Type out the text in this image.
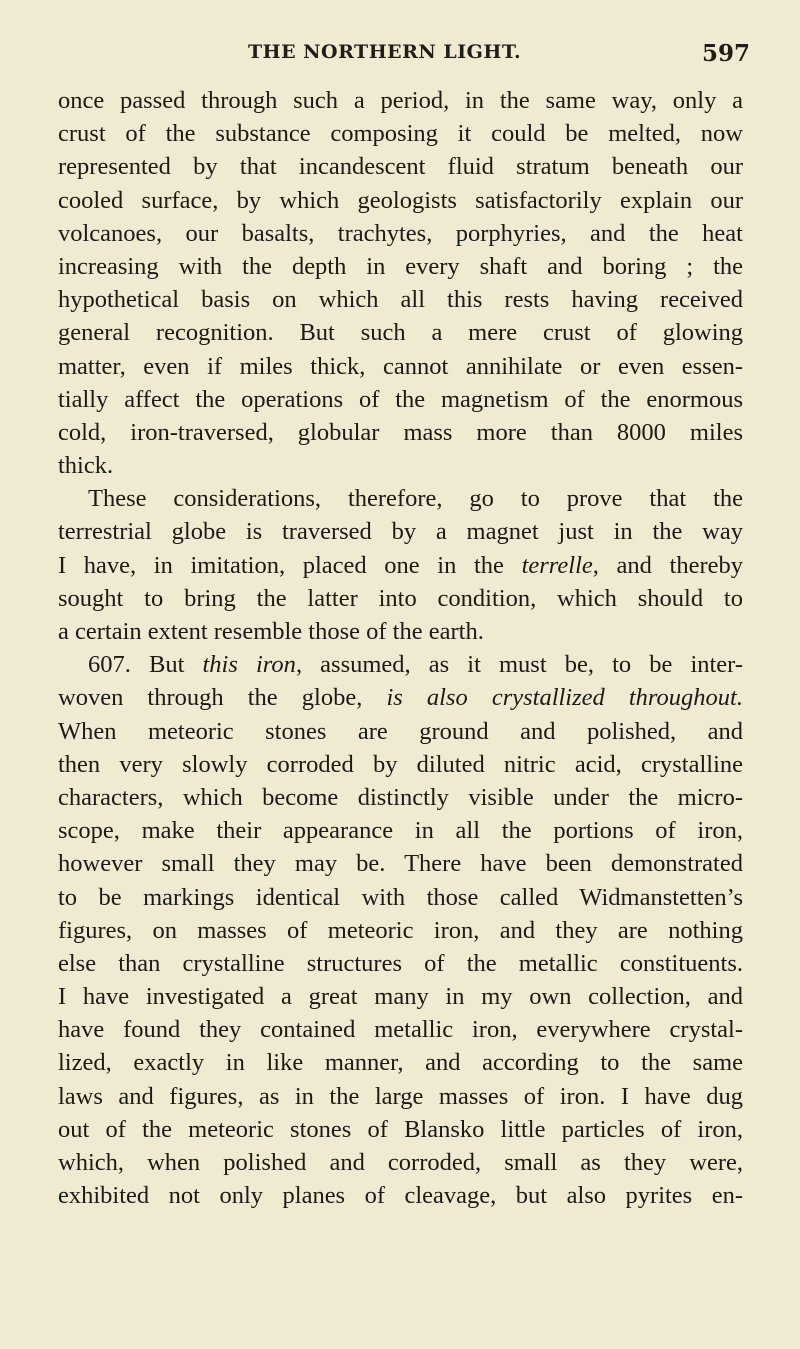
THE NORTHERN LIGHT.	597
once passed through such a period, in the same way, only a
crust of the substance composing it could be melted, now
represented by that incandescent fluid stratum beneath our
cooled surface, by which geologists satisfactorily explain our
volcanoes, our basalts, trachytes, porphyries, and the heat
increasing with the depth in every shaft and boring ; the
hypothetical basis on which all this rests having received
general recognition. But such a mere crust of glowing
matter, even if miles thick, cannot annihilate or even essen-
tially affect the operations of the magnetism of the enormous
cold, iron-traversed, globular mass more than 8000 miles
thick.
These considerations, therefore, go to prove that the
terrestrial globe is traversed by a magnet just in the way
I have, in imitation, placed one in the terrelle, and thereby
sought to bring the latter into condition, which should to
a certain extent resemble those of the earth.
607. But this iron, assumed, as it must be, to be inter-
woven through the globe, is also crystallized throughout.
When meteoric stones are ground and polished, and
then very slowly corroded by diluted nitric acid, crystalline
characters, which become distinctly visible under the micro-
scope, make their appearance in all the portions of iron,
however small they may be. There have been demonstrated
to be markings identical with those called Widmanstetten’s
figures, on masses of meteoric iron, and they are nothing
else than crystalline structures of the metallic constituents.
I have investigated a great many in my own collection, and
have found they contained metallic iron, everywhere crystal-
lized, exactly in like manner, and according to the same
laws and figures, as in the large masses of iron. I have dug
out of the meteoric stones of Blansko little particles of iron,
which, when polished and corroded, small as they were,
exhibited not only planes of cleavage, but also pyrites en-
